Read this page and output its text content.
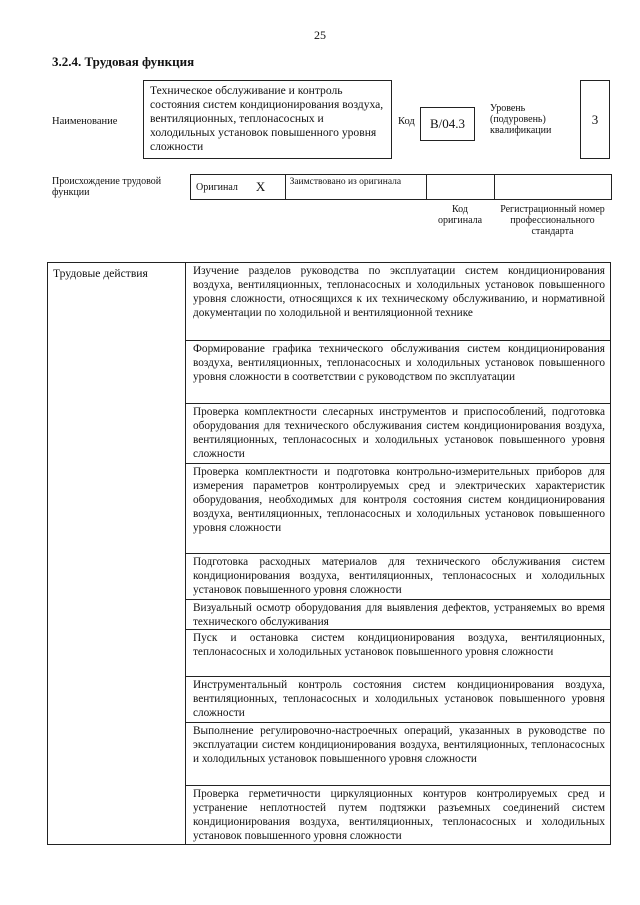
25
3.2.4. Трудовая функция
Наименование
Техническое обслуживание и контроль состояния систем кондиционирования воздуха, вентиляционных, теплонасосных и холодильных установок повышенного уровня сложности
Код B/04.3
Уровень (подуровень) квалификации
3
Происхождение трудовой функции	Оригинал X	Заимствовано из оригинала
Код оригинала
Регистрационный номер профессионального стандарта
Трудовые действия	Изучение разделов руководства по эксплуатации систем кондиционирования воздуха, вентиляционных, теплонасосных и холодильных установок повышенного уровня сложности, относящихся к их техническому обслуживанию, и нормативной документации по холодильной и вентиляционной технике
Формирование графика технического обслуживания систем кондиционирования воздуха, вентиляционных, теплонасосных и холодильных установок повышенного уровня сложности в соответствии с руководством по эксплуатации
Проверка комплектности слесарных инструментов и приспособлений, подготовка оборудования для технического обслуживания систем кондиционирования воздуха, вентиляционных, теплонасосных и холодильных установок повышенного уровня сложности
Проверка комплектности и подготовка контрольно-измерительных приборов для измерения параметров контролируемых сред и электрических характеристик оборудования, необходимых для контроля состояния систем кондиционирования воздуха, вентиляционных, теплонасосных и холодильных установок повышенного уровня сложности
Подготовка расходных материалов для технического обслуживания систем кондиционирования воздуха, вентиляционных, теплонасосных и холодильных установок повышенного уровня сложности
Визуальный осмотр оборудования для выявления дефектов, устраняемых во время технического обслуживания
Пуск и остановка систем кондиционирования воздуха, вентиляционных, теплонасосных и холодильных установок повышенного уровня сложности
Инструментальный контроль состояния систем кондиционирования воздуха, вентиляционных, теплонасосных и холодильных установок повышенного уровня сложности
Выполнение регулировочно-настроечных операций, указанных в руководстве по эксплуатации систем кондиционирования воздуха, вентиляционных, теплонасосных и холодильных установок повышенного уровня сложности
Проверка герметичности циркуляционных контуров контролируемых сред и устранение неплотностей путем подтяжки разъемных соединений систем кондиционирования воздуха, вентиляционных, теплонасосных и холодильных установок повышенного уровня сложности
